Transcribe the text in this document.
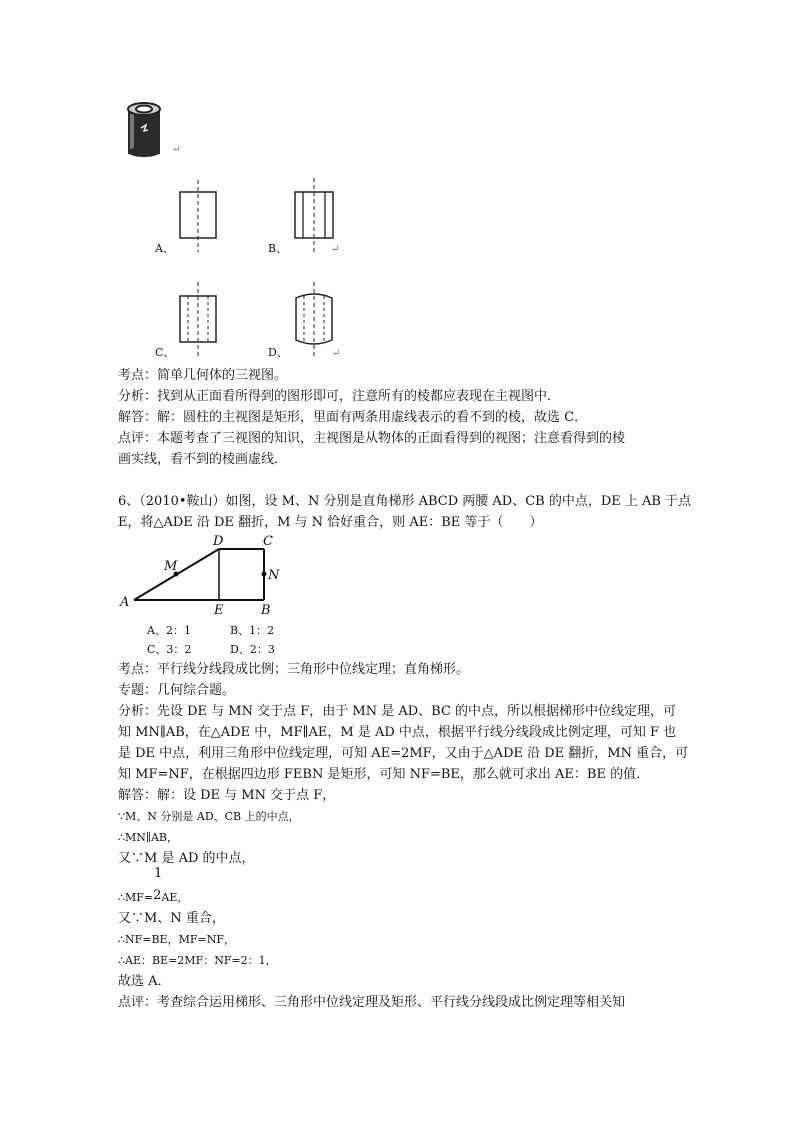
↵
A、	B、	↵
C、	D、	↵
考点：简单几何体的三视图。
分析：找到从正面看所得到的图形即可，注意所有的棱都应表现在主视图中．
解答：解：圆柱的主视图是矩形，里面有两条用虚线表示的看不到的棱，故选 C．
点评：本题考查了三视图的知识，主视图是从物体的正面看得到的视图；注意看得到的棱
画实线，看不到的棱画虚线．
6、（2010•鞍山）如图，设 M、N 分别是直角梯形 ABCD 两腰 AD、CB 的中点，DE 上 AB 于点
E，将△ADE 沿 DE 翻折，M 与 N 恰好重合，则 AE：BE 等于（　　）
A
D	C
M
N
E	B
A、2：1	B、1：2
C、3：2	D、2：3
考点：平行线分线段成比例；三角形中位线定理；直角梯形。
专题：几何综合题。
分析：先设 DE 与 MN 交于点 F，由于 MN 是 AD、BC 的中点，所以根据梯形中位线定理，可
知 MN∥AB，在△ADE 中，MF∥AE，M 是 AD 中点，根据平行线分线段成比例定理，可知 F 也
是 DE 中点，利用三角形中位线定理，可知 AE=2MF，又由于△ADE 沿 DE 翻折，MN 重合，可
知 MF=NF，在根据四边形 FEBN 是矩形，可知 NF=BE，那么就可求出 AE：BE 的值．
解答：解：设 DE 与 MN 交于点 F，
∵M、N 分别是 AD、CB 上的中点，
∴MN∥AB，
又∵M 是 AD 的中点，
1
∴MF=2AE，
又∵M、N 重合，
∴NF=BE，MF=NF，
∴AE：BE=2MF：NF=2：1，
故选 A．
点评：考查综合运用梯形、三角形中位线定理及矩形、平行线分线段成比例定理等相关知
